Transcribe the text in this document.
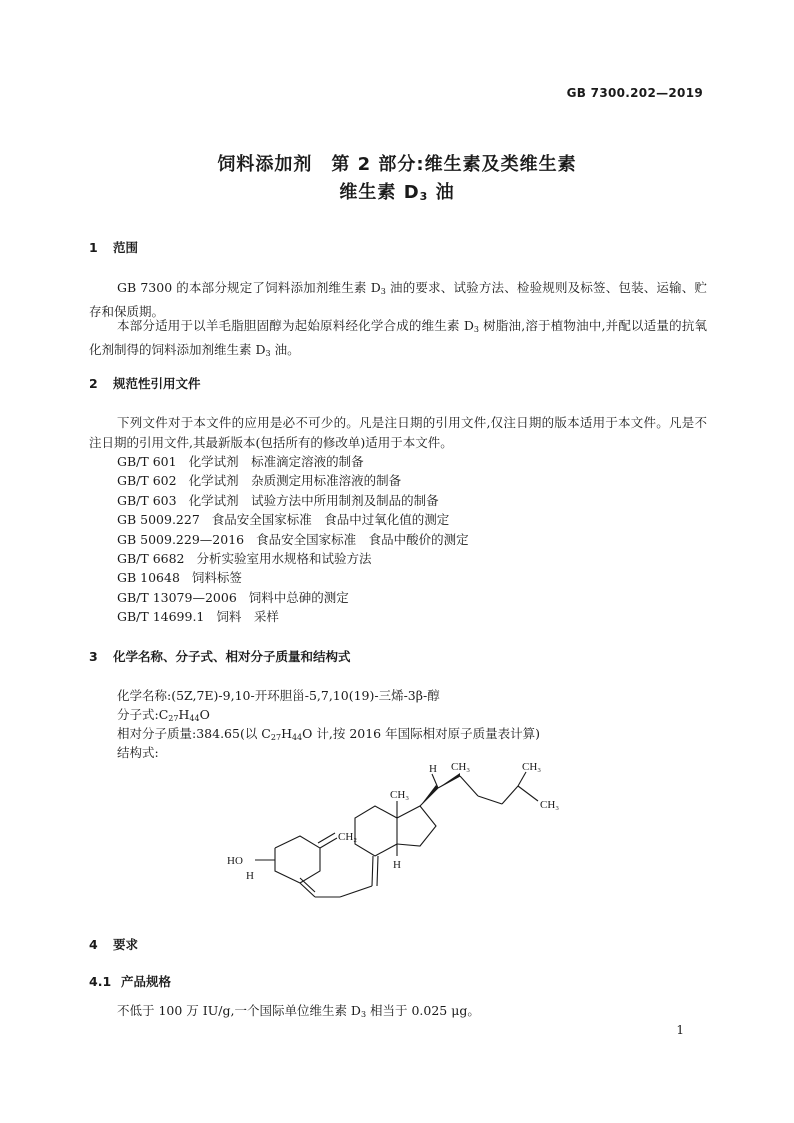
GB 7300.202—2019
饲料添加剂　第 2 部分:维生素及类维生素
维生素 $D_3$ 油
1 范围
GB 7300 的本部分规定了饲料添加剂维生素 $D_3$ 油的要求、试验方法、检验规则及标签、包装、运输、贮存和保质期。
本部分适用于以羊毛脂胆固醇为起始原料经化学合成的维生素 $D_3$ 树脂油,溶于植物油中,并配以适量的抗氧化剂制得的饲料添加剂维生素 $D_3$ 油。
2 规范性引用文件
下列文件对于本文件的应用是必不可少的。凡是注日期的引用文件,仅注日期的版本适用于本文件。凡是不注日期的引用文件,其最新版本(包括所有的修改单)适用于本文件。
GB/T 601 化学试剂　标准滴定溶液的制备
GB/T 602 化学试剂　杂质测定用标准溶液的制备
GB/T 603 化学试剂　试验方法中所用制剂及制品的制备
GB 5009.227 食品安全国家标准　食品中过氧化值的测定
GB 5009.229—2016 食品安全国家标准　食品中酸价的测定
GB/T 6682 分析实验室用水规格和试验方法
GB 10648 饲料标签
GB/T 13079—2006 饲料中总砷的测定
GB/T 14699.1 饲料　采样
3 化学名称、分子式、相对分子质量和结构式
化学名称:(5Z,7E)-9,10-开环胆甾-5,7,10(19)-三烯-3β-醇
分子式$:C_{27}H_{44}O$
相对分子质量:384.65(以 $C_{27}H_{44}O$ 计,按 2016 年国际相对原子质量表计算)
结构式:
H CH₃	CH₃
CH₃
CH₃
H
CH₂
HO
H
4 要求
4.1 产品规格
不低于 100 万 IU/g,一个国际单位维生素 $D_3$ 相当于 0.025 μg。
1
